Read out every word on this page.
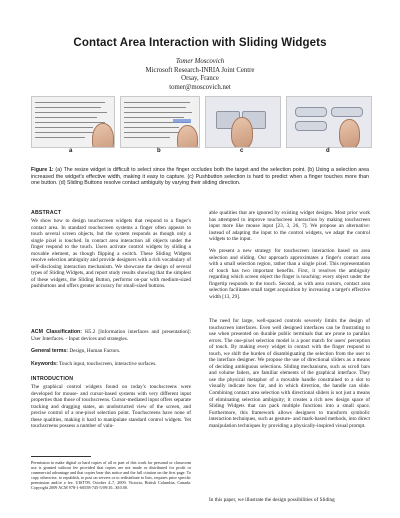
Contact Area Interaction with Sliding Widgets
Tomer Moscovich
Microsoft Research-INRIA Joint Centre
Orsay, France
tomer@moscovich.net
a	b	c	d
Figure 1: (a) The resize widget is difficult to select since the finger occludes both the target and the selection point. (b) Using a selection area increased the widget's effective width, making it easy to capture. (c) Pushbutton selection is hard to predict when a finger touches more than one button. (d) Sliding Buttons resolve contact ambiguity by varying their sliding direction.
ABSTRACT
We show how to design touchscreen widgets that respond to a finger's contact area. In standard touchscreen systems a finger often appears to touch several screen objects, but the system responds as though only a single pixel is touched. In contact area interaction all objects under the finger respond to the touch. Users activate control widgets by sliding a movable element, as though flipping a switch. These Sliding Widgets resolve selection ambiguity and provide designers with a rich vocabulary of self-disclosing interaction mechanism. We showcase the design of several types of Sliding Widgets, and report study results showing that the simplest of these widgets, the Sliding Button, performs on-par with medium-sized pushbuttons and offers greater accuracy for small-sized buttons.
ACM Classification: H5.2 [Information interfaces and presentation]: User Interfaces. - Input devices and strategies.
General terms: Design, Human Factors.
Keywords: Touch input, touchscreen, interactive surfaces.
INTRODUCTION
The graphical control widgets found on today's touchscreens were developed for mouse- and cursor-based systems with very different input properties than those of touchscreens. Cursor-mediated input offers separate tracking and dragging states, an unobstructed view of the screen, and precise control of a one-pixel selection point. Touchscreens have none of these qualities, making it hard to manipulate standard control widgets. Yet touchscreens possess a number of valu-
Permission to make digital or hard copies of all or part of this work for personal or classroom use is granted without fee provided that copies are not made or distributed for profit or commercial advantage and that copies bear this notice and the full citation on the first page. To copy otherwise, to republish, to post on servers or to redistribute to lists, requires prior specific permission and/or a fee. UIST'09, October 4–7, 2009, Victoria, British Columbia, Canada. Copyright 2009 ACM 978-1-60558-745-5/09/10...$10.00.
able qualities that are ignored by existing widget designs. Most prior work has attempted to improve touchscreen interaction by making touchscreen input more like mouse input [23, 3, 26, 7]. We propose an alternative: instead of adapting the input to the control widgets, we adapt the control widgets to the input.
We present a new strategy for touchscreen interaction based on area selection and sliding. Our approach approximates a finger's contact area with a small selection region, rather than a single pixel. This representation of touch has two important benefits. First, it resolves the ambiguity regarding which screen object the finger is touching: every object under the fingertip responds to the touch. Second, as with area cursors, contact area selection facilitates small target acquisition by increasing a target's effective width [13, 29].
The need for large, well-spaced controls severely limits the design of touchscreen interfaces. Even well designed interfaces can be frustrating to use when presented on durable public terminals that are prone to parallax errors. The one-pixel selection model is a poor match for users' perception of touch. By making every widget in contact with the finger respond to touch, we shift the burden of disambiguating the selection from the user to the interface designer. We propose the use of directional sliders as a means of deciding ambiguous selections. Sliding mechanisms, such as scroll bars and volume faders, are familiar elements of the graphical interface. They use the physical metaphor of a movable handle constrained to a slot to visually indicate how far, and in which direction, the handle can slide. Combining contact area selection with directional sliders is not just a means of eliminating selection ambiguity; it creates a rich new design space of Sliding Widgets that can pack multiple functions into a small space. Furthermore, this framework allows designers to transform symbolic interaction techniques, such as gesture- and mark-based methods, into direct manipulation techniques by providing a physically-inspired visual prompt.
In this paper, we illustrate the design possibilities of Sliding
